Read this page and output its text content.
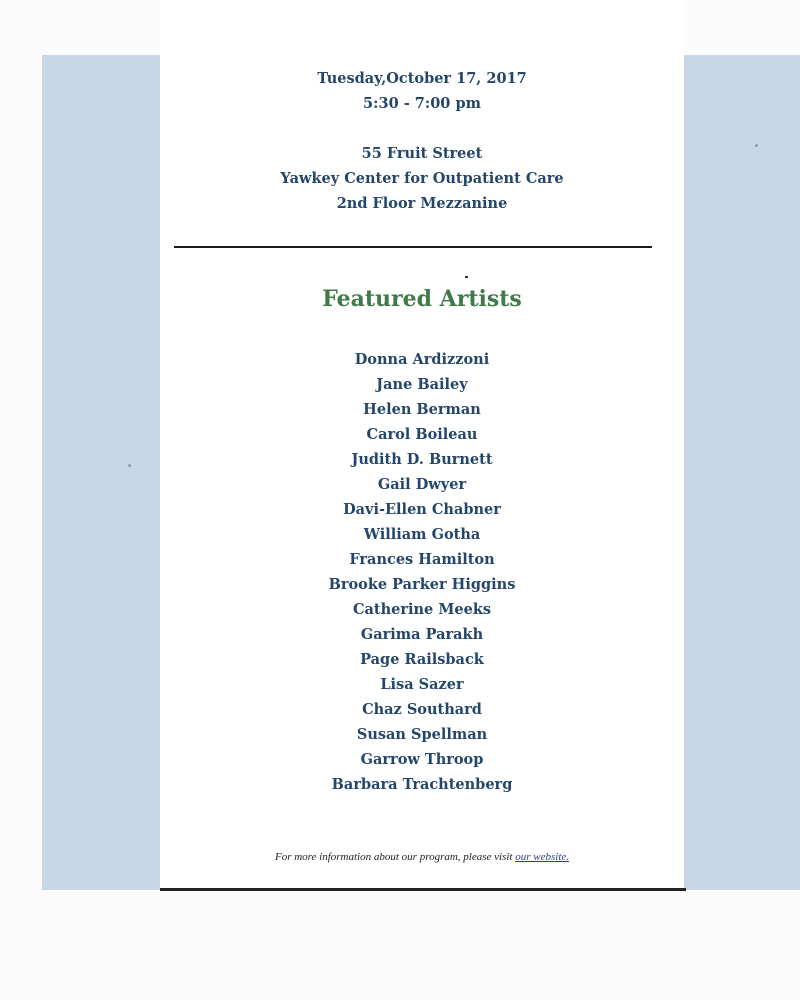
Tuesday,October 17, 2017
5:30 - 7:00 pm
55 Fruit Street
Yawkey Center for Outpatient Care
2nd Floor Mezzanine
Featured Artists
Donna Ardizzoni
Jane Bailey
Helen Berman
Carol Boileau
Judith D. Burnett
Gail Dwyer
Davi-Ellen Chabner
William Gotha
Frances Hamilton
Brooke Parker Higgins
Catherine Meeks
Garima Parakh
Page Railsback
Lisa Sazer
Chaz Southard
Susan Spellman
Garrow Throop
Barbara Trachtenberg
For more information about our program, please visit our website.
